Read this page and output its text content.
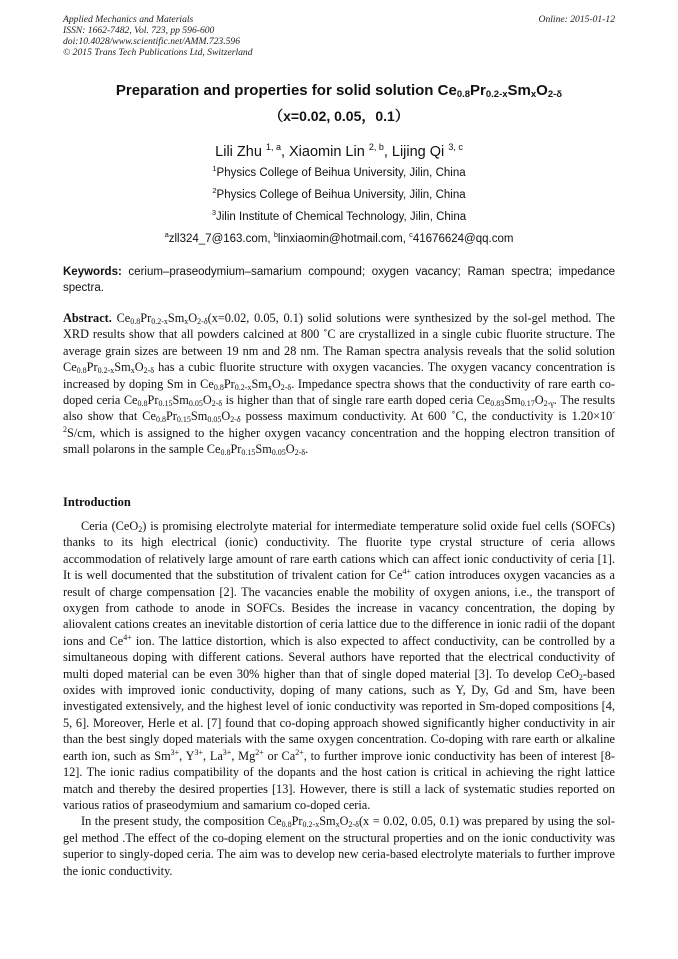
Applied Mechanics and Materials
ISSN: 1662-7482, Vol. 723, pp 596-600
doi:10.4028/www.scientific.net/AMM.723.596
© 2015 Trans Tech Publications Ltd, Switzerland
Online: 2015-01-12
Preparation and properties for solid solution $Ce_{0.8}Pr_{0.2-x}Sm_xO_{2-\delta}$
（x=0.02, 0.05，0.1）
Lili Zhu $^{1, a}$, Xiaomin Lin $^{2, b}$, Lijing Qi $^{3, c}$
$^1$Physics College of Beihua University, Jilin, China
$^2$Physics College of Beihua University, Jilin, China
$^3$Jilin Institute of Chemical Technology, Jilin, China
$^a$zll324_7@163.com, $^b$linxiaomin@hotmail.com, $^c$41676624@qq.com
Keywords: cerium–praseodymium–samarium compound; oxygen vacancy; Raman spectra; impedance spectra.

Abstract. $Ce_{0.8}Pr_{0.2-x}Sm_xO_{2-\delta}(x=0.02$, 0.05, 0.1) solid solutions were synthesized by the sol-gel method. The XRD results show that all powders calcined at 800 ˚C are crystallized in a single cubic fluorite structure. The average grain sizes are between 19 nm and 28 nm. The Raman spectra analysis reveals that the solid solution $Ce_{0.8}Pr_{0.2-x}Sm_xO_{2-\delta}$ has a cubic fluorite structure with oxygen vacancies. The oxygen vacancy concentration is increased by doping Sm in $Ce_{0.8}Pr_{0.2-x}Sm_xO_{2-\delta}$. Impedance spectra shows that the conductivity of rare earth co-doped ceria $Ce_{0.8}Pr_{0.15}Sm_{0.05}O_{2-\delta}$ is higher than that of single rare earth doped ceria $Ce_{0.83}Sm_{0.17}O_{2-\gamma}$. The results also show that $Ce_{0.8}Pr_{0.15}Sm_{0.05}O_{2-\delta}$ possess maximum conductivity. At 600 ˚C, the conductivity is $1.20\times 10^{-2}S/cm$, which is assigned to the higher oxygen vacancy concentration and the hopping electron transition of small polarons in the sample $Ce_{0.8}Pr_{0.15}Sm_{0.05}O_{2-\delta}$.

Introduction

Ceria (CeO$_2$) is promising electrolyte material for intermediate temperature solid oxide fuel cells (SOFCs) thanks to its high electrical (ionic) conductivity. The fluorite type crystal structure of ceria allows accommodation of relatively large amount of rare earth cations which can affect ionic conductivity of ceria [1]. It is well documented that the substitution of trivalent cation for $Ce^{4+}$ cation introduces oxygen vacancies as a result of charge compensation [2]. The vacancies enable the mobility of oxygen anions, i.e., the transport of oxygen from cathode to anode in SOFCs. Besides the increase in vacancy concentration, the doping by aliovalent cations creates an inevitable distortion of ceria lattice due to the difference in ionic radii of the dopant ions and $Ce^{4+}$ ion. The lattice distortion, which is also expected to affect conductivity, can be controlled by a simultaneous doping with different cations. Several authors have reported that the electrical conductivity of multi doped material can be even 30% higher than that of single doped material [3]. To develop CeO$_2$-based oxides with improved ionic conductivity, doping of many cations, such as Y, Dy, Gd and Sm, have been investigated extensively, and the highest level of ionic conductivity was reported in Sm-doped compositions [4, 5, 6]. Moreover, Herle et al. [7] found that co-doping approach showed significantly higher conductivity in air than the best singly doped materials with the same oxygen concentration. Co-doping with rare earth or alkaline earth ion, such as $Sm^{3+}$, $Y^{3+}$, $La^{3+}$, $Mg^{2+}$ or $Ca^{2+}$, to further improve ionic conductivity has been of interest [8-12]. The ionic radius compatibility of the dopants and the host cation is critical in achieving the right lattice match and thereby the desired properties [13]. However, there is still a lack of systematic studies reported on various ratios of praseodymium and samarium co-doped ceria.

In the present study, the composition $Ce_{0.8}Pr_{0.2-x}Sm_xO_{2-\delta}(x = 0.02$, 0.05, 0.1) was prepared by using the sol-gel method .The effect of the co-doping element on the structural properties and on the ionic conductivity was superior to singly-doped ceria. The aim was to develop new ceria-based electrolyte materials to further improve the ionic conductivity.
